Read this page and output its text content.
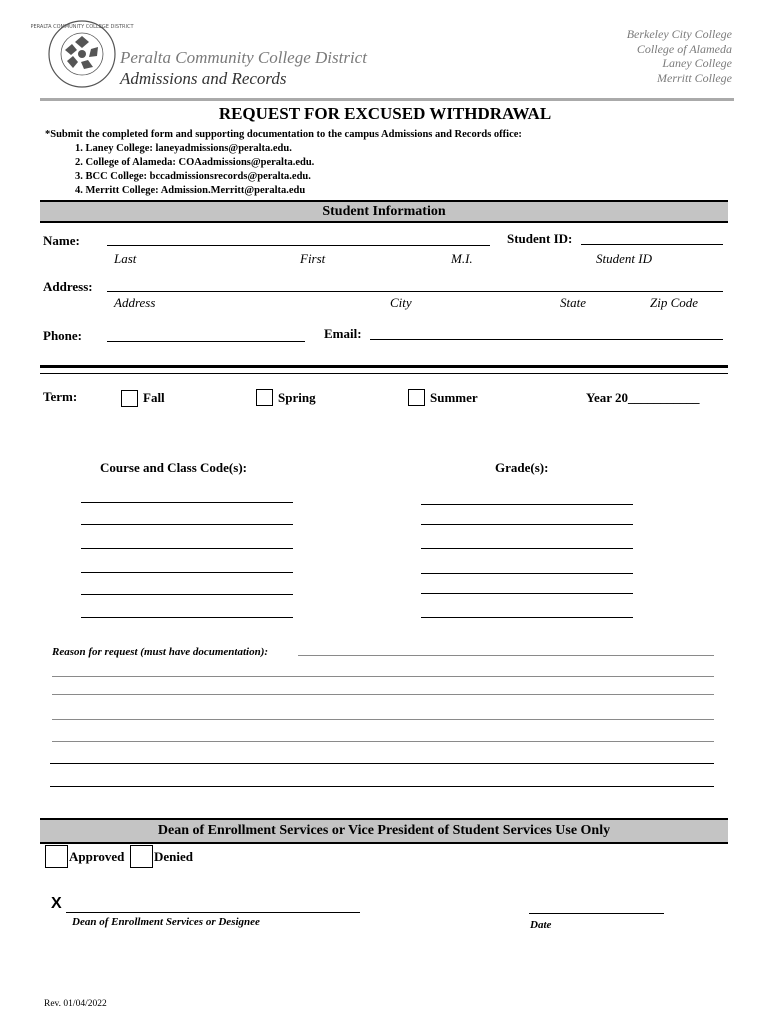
PERALTA COMMUNITY COLLEGE DISTRICT
Peralta Community College District
Admissions and Records
Berkeley City College
College of Alameda
Laney College
Merritt College
REQUEST FOR EXCUSED WITHDRAWAL
*Submit the completed form and supporting documentation to the campus Admissions and Records office:
1. Laney College: laneyadmissions@peralta.edu.
2. College of Alameda: COAadmissions@peralta.edu.
3. BCC College: bccadmissionsrecords@peralta.edu.
4. Merritt College: Admission.Merritt@peralta.edu
Student Information
Name:	Student ID:
Last	First	M.I.	Student ID
Address:
Address	City	State	Zip Code
Phone:	Email:
Term:	Fall	Spring	Summer	Year 20___________
Course and Class Code(s):	Grade(s):
Reason for request (must have documentation):
Dean of Enrollment Services or Vice President of Student Services Use Only
Approved Denied
X
Dean of Enrollment Services or Designee	Date
Rev. 01/04/2022
